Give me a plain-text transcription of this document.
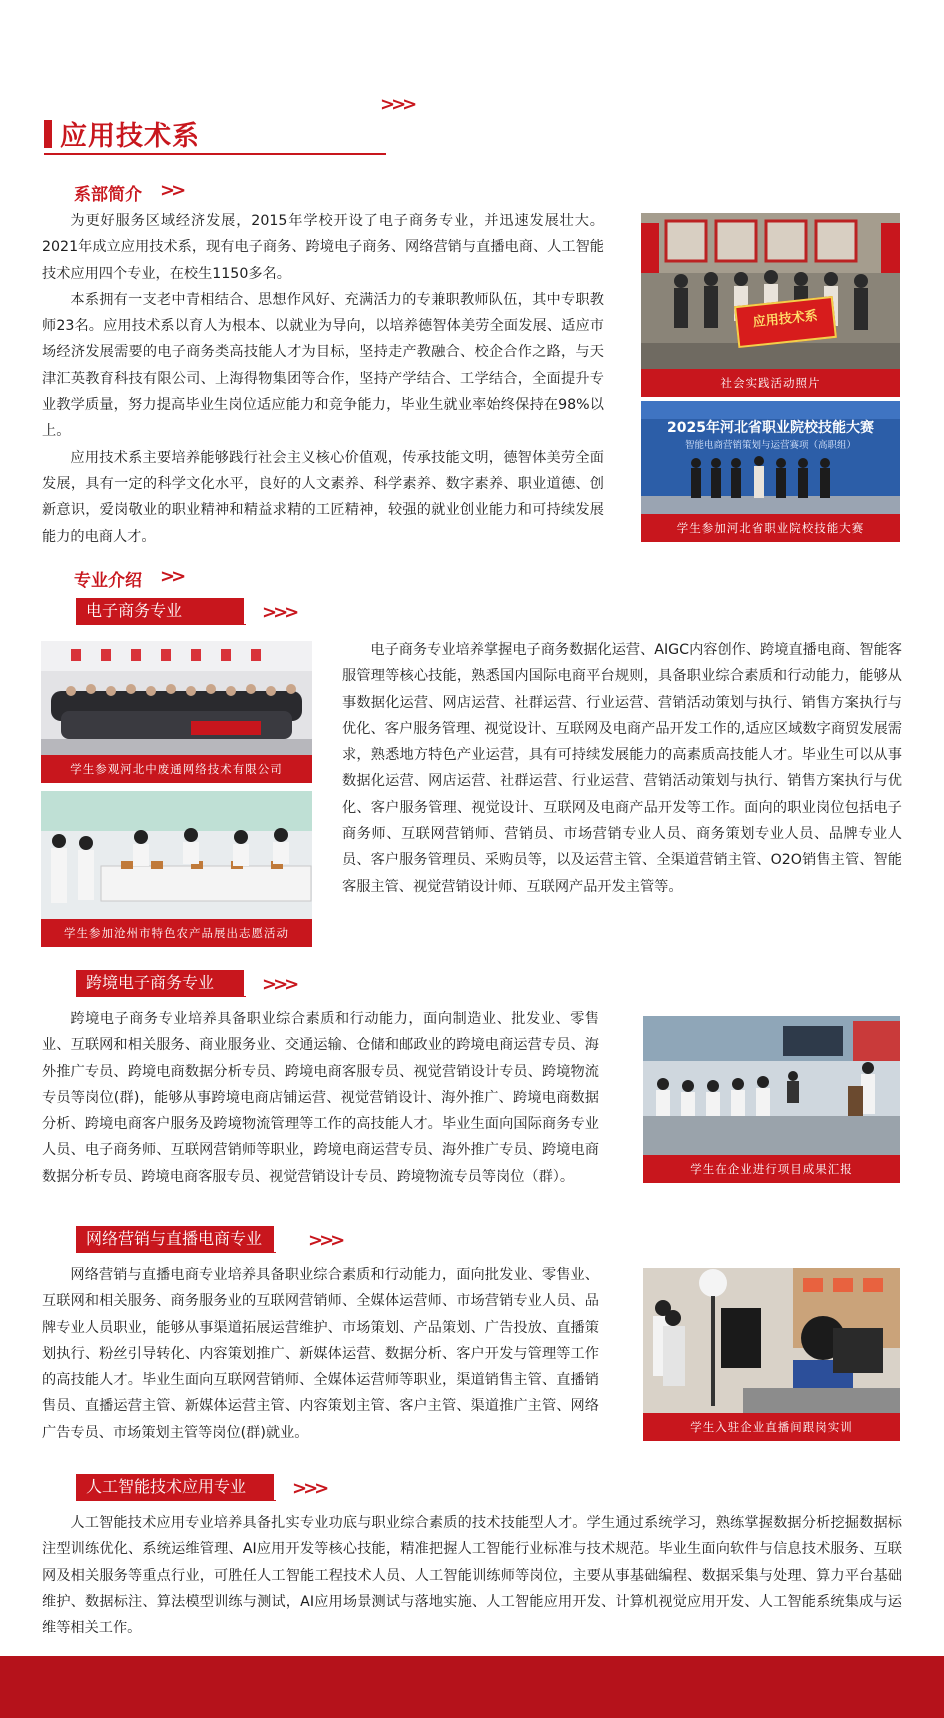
>>>
应用技术系
系部简介 >>

为更好服务区域经济发展，2015年学校开设了电子商务专业，并迅速发展壮大。2021年成立应用技术系，现有电子商务、跨境电子商务、网络营销与直播电商、人工智能技术应用四个专业，在校生1150多名。

本系拥有一支老中青相结合、思想作风好、充满活力的专兼职教师队伍，其中专职教师23名。应用技术系以育人为根本、以就业为导向，以培养德智体美劳全面发展、适应市场经济发展需要的电子商务类高技能人才为目标，坚持走产教融合、校企合作之路，与天津汇英教育科技有限公司、上海得物集团等合作，坚持产学结合、工学结合，全面提升专业教学质量，努力提高毕业生岗位适应能力和竞争能力，毕业生就业率始终保持在98%以上。

应用技术系主要培养能够践行社会主义核心价值观，传承技能文明，德智体美劳全面发展，具有一定的科学文化水平，良好的人文素养、科学素养、数字素养、职业道德、创新意识，爱岗敬业的职业精神和精益求精的工匠精神，较强的就业创业能力和可持续发展能力的电商人才。

应用技术系
社会实践活动照片
2025年河北省职业院校技能大赛
智能电商营销策划与运营赛项（高职组）
学生参加河北省职业院校技能大赛
专业介绍 >>
电子商务专业	>>>
学生参观河北中废通网络技术有限公司
学生参加沧州市特色农产品展出志愿活动

电子商务专业培养掌握电子商务数据化运营、AIGC内容创作、跨境直播电商、智能客服管理等核心技能，熟悉国内国际电商平台规则，具备职业综合素质和行动能力，能够从事数据化运营、网店运营、社群运营、行业运营、营销活动策划与执行、销售方案执行与优化、客户服务管理、视觉设计、互联网及电商产品开发工作的,适应区域数字商贸发展需求，熟悉地方特色产业运营，具有可持续发展能力的高素质高技能人才。毕业生可以从事数据化运营、网店运营、社群运营、行业运营、营销活动策划与执行、销售方案执行与优化、客户服务管理、视觉设计、互联网及电商产品开发等工作。面向的职业岗位包括电子商务师、互联网营销师、营销员、市场营销专业人员、商务策划专业人员、品牌专业人员、客户服务管理员、采购员等，以及运营主管、全渠道营销主管、O2O销售主管、智能客服主管、视觉营销设计师、互联网产品开发主管等。

跨境电子商务专业	>>>

跨境电子商务专业培养具备职业综合素质和行动能力，面向制造业、批发业、零售业、互联网和相关服务、商业服务业、交通运输、仓储和邮政业的跨境电商运营专员、海外推广专员、跨境电商数据分析专员、跨境电商客服专员、视觉营销设计专员、跨境物流专员等岗位(群)，能够从事跨境电商店铺运营、视觉营销设计、海外推广、跨境电商数据分析、跨境电商客户服务及跨境物流管理等工作的高技能人才。毕业生面向国际商务专业人员、电子商务师、互联网营销师等职业，跨境电商运营专员、海外推广专员、跨境电商数据分析专员、跨境电商客服专员、视觉营销设计专员、跨境物流专员等岗位（群）。	学生在企业进行项目成果汇报
网络营销与直播电商专业	>>>

网络营销与直播电商专业培养具备职业综合素质和行动能力，面向批发业、零售业、互联网和相关服务、商务服务业的互联网营销师、全媒体运营师、市场营销专业人员、品牌专业人员职业，能够从事渠道拓展运营维护、市场策划、产品策划、广告投放、直播策划执行、粉丝引导转化、内容策划推广、新媒体运营、数据分析、客户开发与管理等工作的高技能人才。毕业生面向互联网营销师、全媒体运营师等职业，渠道销售主管、直播销售员、直播运营主管、新媒体运营主管、内容策划主管、客户主管、渠道推广主管、网络广告专员、市场策划主管等岗位(群)就业。	学生入驻企业直播间跟岗实训
人工智能技术应用专业	>>>

人工智能技术应用专业培养具备扎实专业功底与职业综合素质的技术技能型人才。学生通过系统学习，熟练掌握数据分析挖掘数据标注型训练优化、系统运维管理、AI应用开发等核心技能，精准把握人工智能行业标准与技术规范。毕业生面向软件与信息技术服务、互联网及相关服务等重点行业，可胜任人工智能工程技术人员、人工智能训练师等岗位，主要从事基础编程、数据采集与处理、算力平台基础维护、数据标注、算法模型训练与测试，AI应用场景测试与落地实施、人工智能应用开发、计算机视觉应用开发、人工智能系统集成与运维等相关工作。
